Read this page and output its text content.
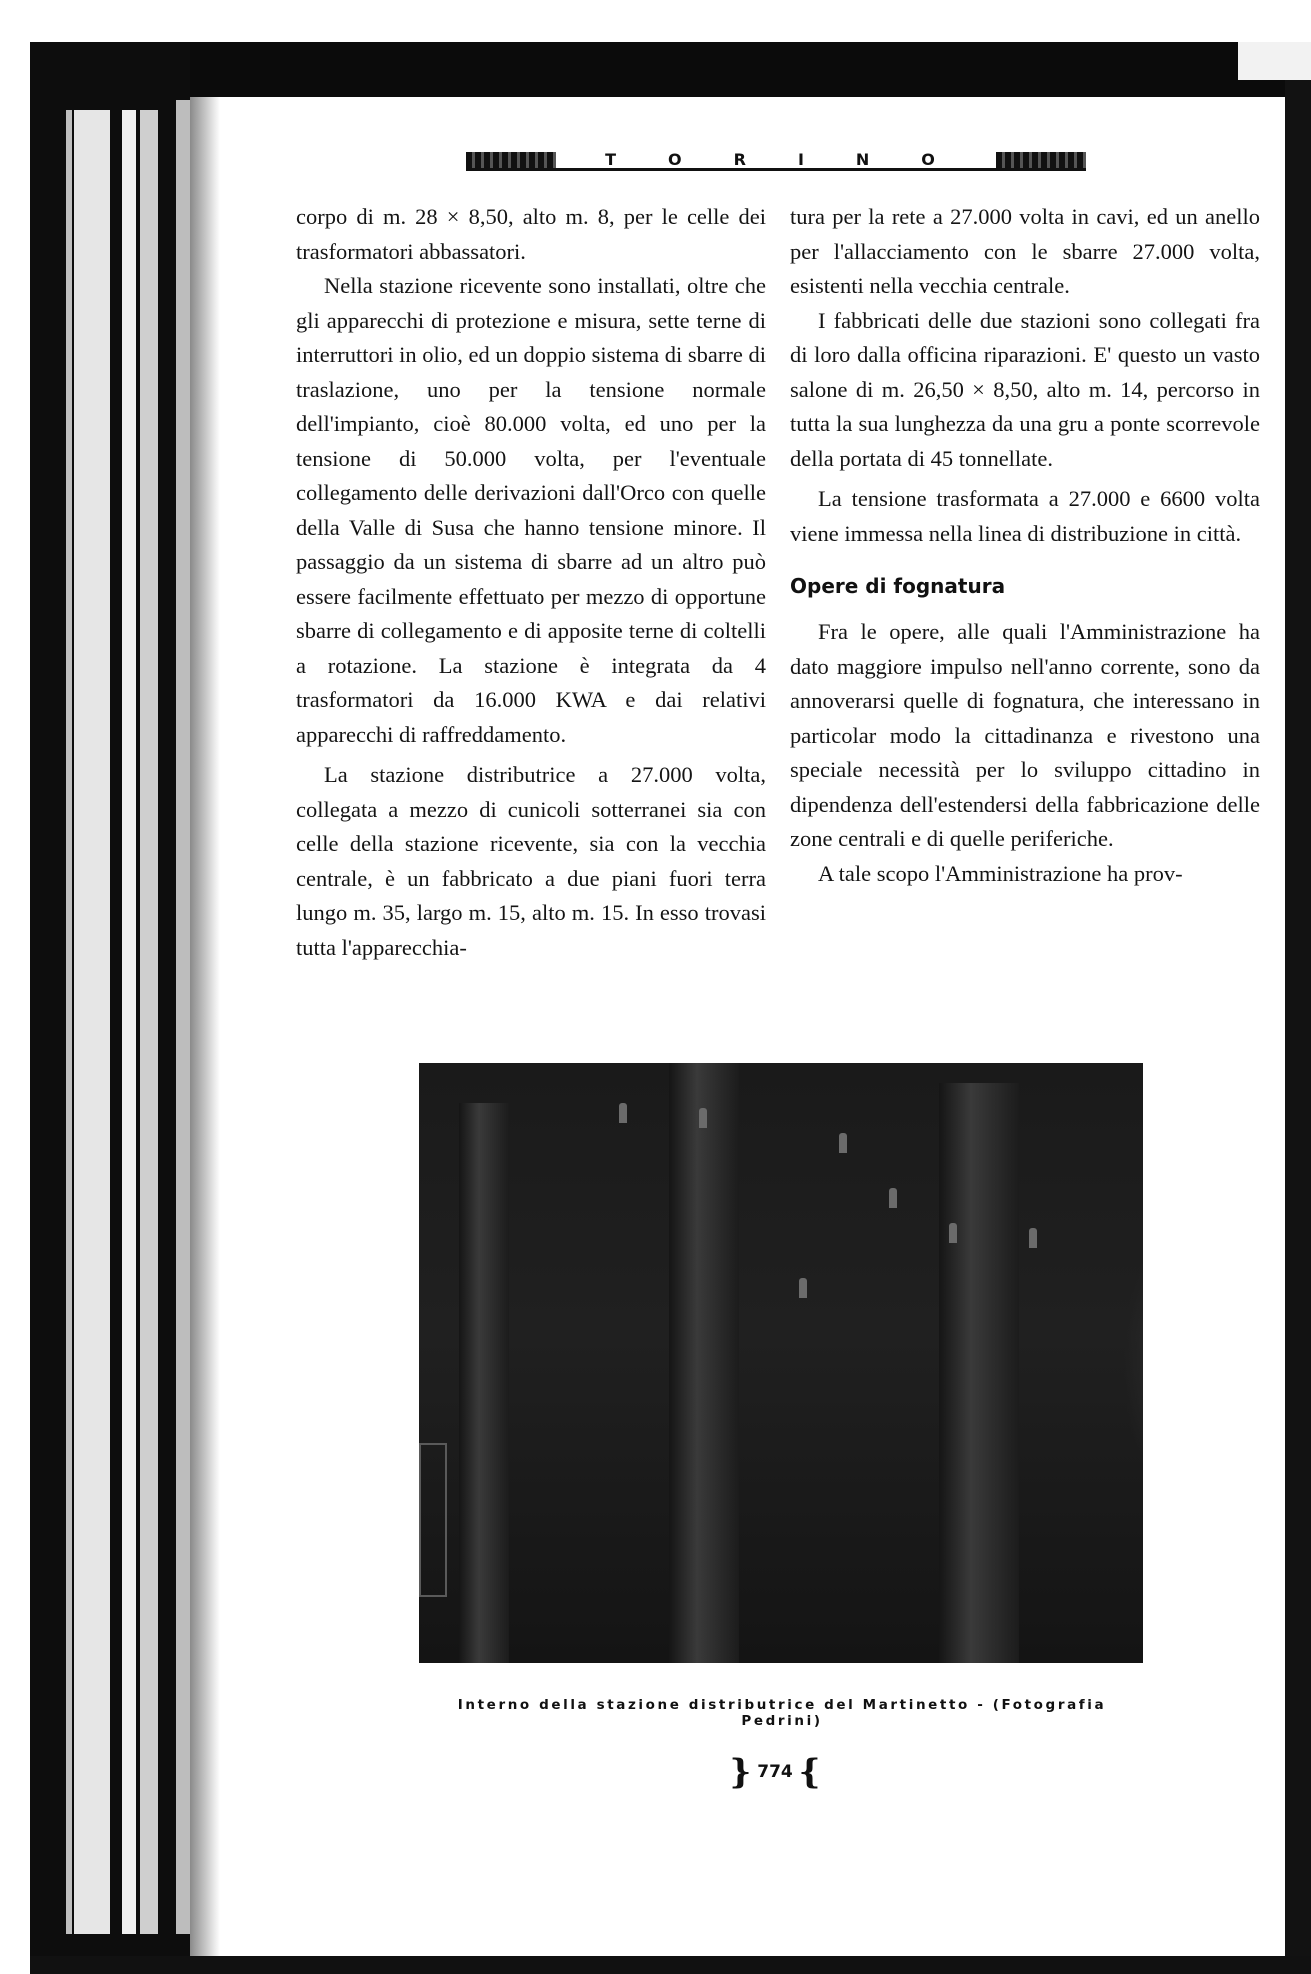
TORINO

corpo di m. 28 × 8,50, alto m. 8, per le celle dei trasformatori abbassatori.

Nella stazione ricevente sono installati, oltre che gli apparecchi di protezione e misura, sette terne di interruttori in olio, ed un doppio sistema di sbarre di traslazione, uno per la tensione normale dell'impianto, cioè 80.000 volta, ed uno per la tensione di 50.000 volta, per l'eventuale collegamento delle derivazioni dall'Orco con quelle della Valle di Susa che hanno tensione minore. Il passaggio da un sistema di sbarre ad un altro può essere facilmente effettuato per mezzo di opportune sbarre di collegamento e di apposite terne di coltelli a rotazione. La stazione è integrata da 4 trasformatori da 16.000 KWA e dai relativi apparecchi di raffreddamento.

La stazione distributrice a 27.000 volta, collegata a mezzo di cunicoli sotterranei sia con celle della stazione ricevente, sia con la vecchia centrale, è un fabbricato a due piani fuori terra lungo m. 35, largo m. 15, alto m. 15. In esso trovasi tutta l'apparecchia-

tura per la rete a 27.000 volta in cavi, ed un anello per l'allacciamento con le sbarre 27.000 volta, esistenti nella vecchia centrale.

I fabbricati delle due stazioni sono collegati fra di loro dalla officina riparazioni. E' questo un vasto salone di m. 26,50 × 8,50, alto m. 14, percorso in tutta la sua lunghezza da una gru a ponte scorrevole della portata di 45 tonnellate.

La tensione trasformata a 27.000 e 6600 volta viene immessa nella linea di distribuzione in città.

Opere di fognatura

Fra le opere, alle quali l'Amministrazione ha dato maggiore impulso nell'anno corrente, sono da annoverarsi quelle di fognatura, che interessano in particolar modo la cittadinanza e rivestono una speciale necessità per lo sviluppo cittadino in dipendenza dell'estendersi della fabbricazione delle zone centrali e di quelle periferiche.

A tale scopo l'Amministrazione ha prov-

Interno della stazione distributrice del Martinetto - (Fotografia Pedrini)
} 774 {
